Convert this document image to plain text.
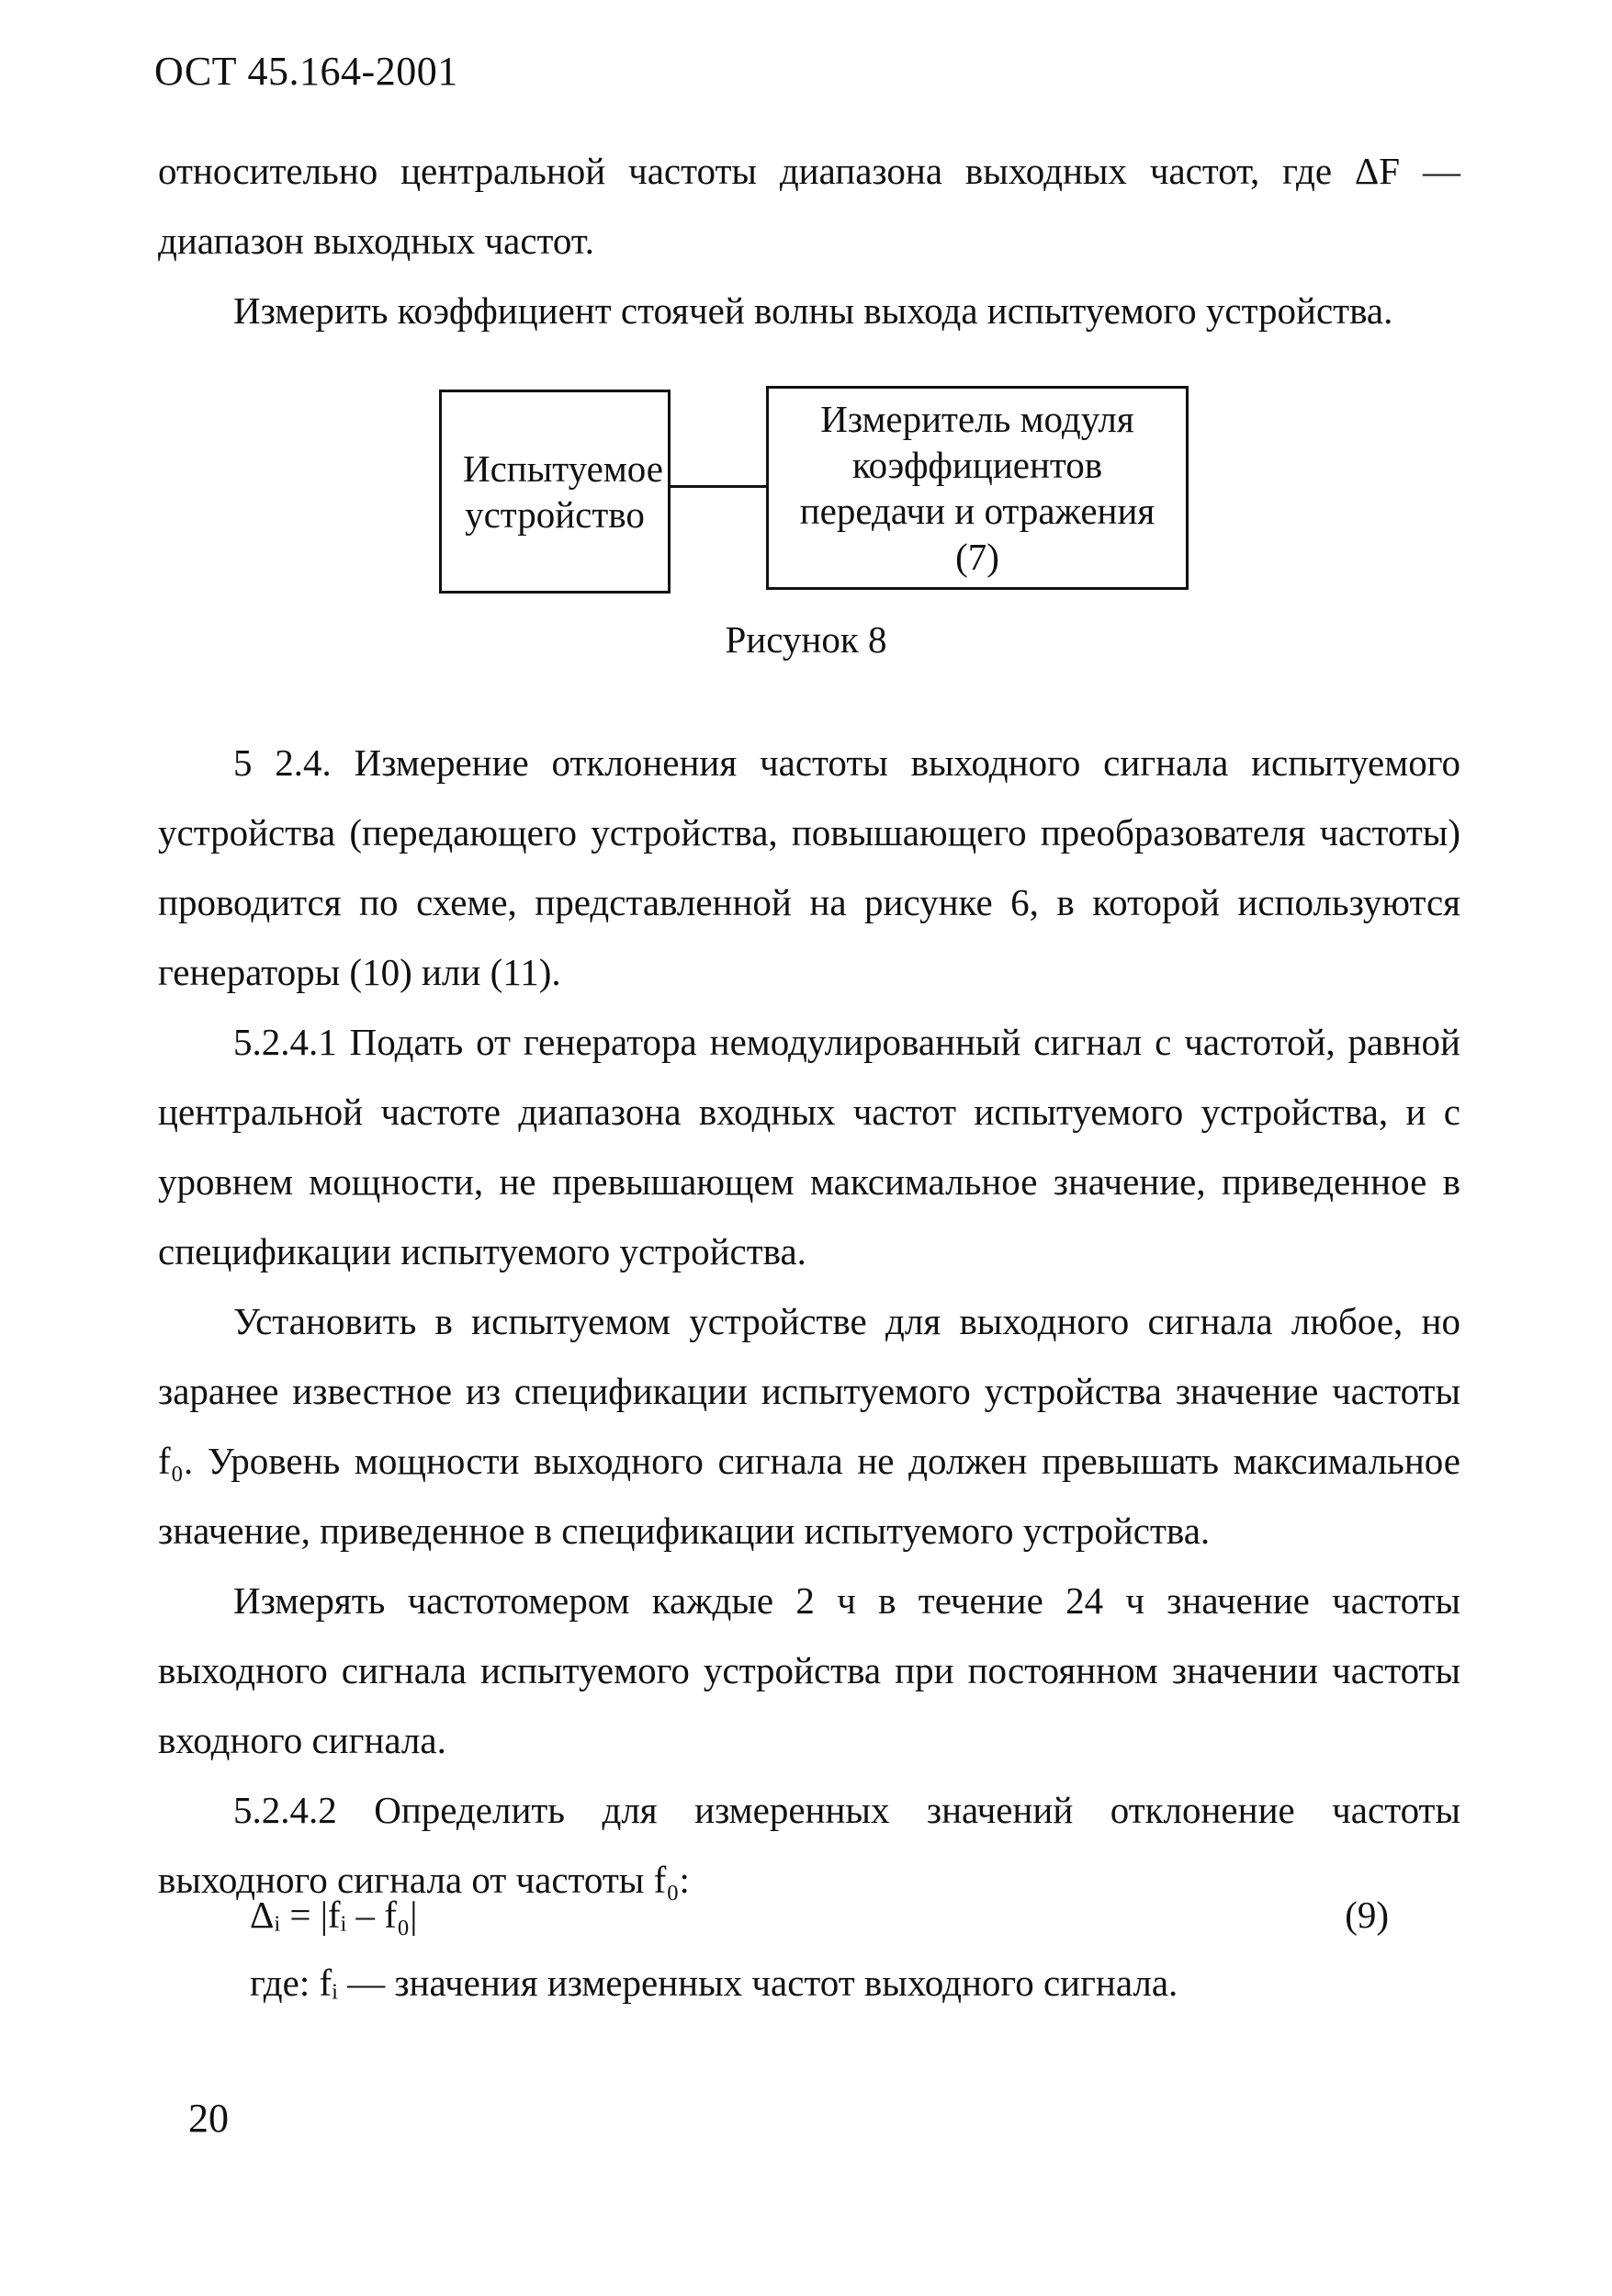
ОСТ 45.164-2001

относительно центральной частоты диапазона выходных частот, где ΔF — диапазон выходных частот.

Измерить коэффициент стоячей волны выхода испытуемого устройства.

Испытуемое устройство
Измеритель модуля коэффициентов передачи и отражения (7)
Рисунок 8

5 2.4. Измерение отклонения частоты выходного сигнала испытуемого устройства (передающего устройства, повышающего преобразователя частоты) проводится по схеме, представленной на рисунке 6, в которой используются генераторы (10) или (11).

5.2.4.1 Подать от генератора немодулированный сигнал с частотой, равной центральной частоте диапазона входных частот испытуемого устройства, и с уровнем мощности, не превышающем максимальное значение, приведенное в спецификации испытуемого устройства.

Установить в испытуемом устройстве для выходного сигнала любое, но заранее известное из спецификации испытуемого устройства значение частоты f₀. Уровень мощности выходного сигнала не должен превышать максимальное значение, приведенное в спецификации испытуемого устройства.

Измерять частотомером каждые 2 ч в течение 24 ч значение частоты выходного сигнала испытуемого устройства при постоянном значении частоты входного сигнала.

5.2.4.2 Определить для измеренных значений отклонение частоты выходного сигнала от частоты f₀:

Δᵢ = |fᵢ – f₀|	(9)
где: fᵢ — значения измеренных частот выходного сигнала.
20
